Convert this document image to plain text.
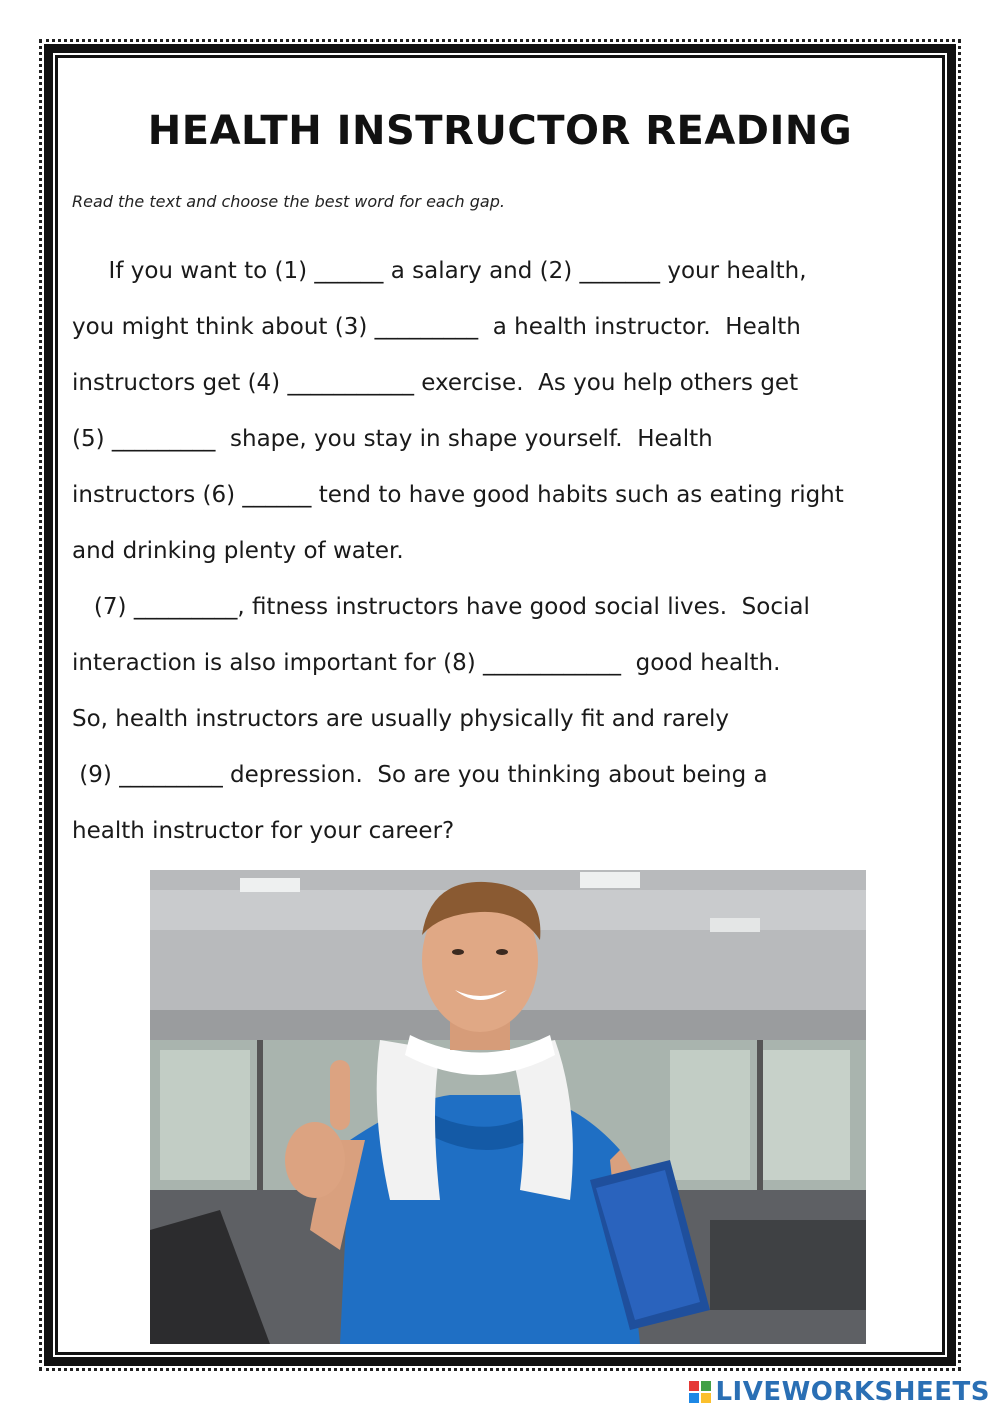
HEALTH INSTRUCTOR READING
Read the text and choose the best word for each gap.
If you want to (1) ______ a salary and (2) _______ your health,
you might think about (3) _________  a health instructor.  Health
instructors get (4) ___________ exercise.  As you help others get
(5) _________  shape, you stay in shape yourself.  Health
instructors (6) ______ tend to have good habits such as eating right
and drinking plenty of water.
(7) _________, fitness instructors have good social lives.  Social
interaction is also important for (8) ____________  good health.
So, health instructors are usually physically fit and rarely
(9) _________ depression.  So are you thinking about being a
health instructor for your career?
LIVEWORKSHEETS
